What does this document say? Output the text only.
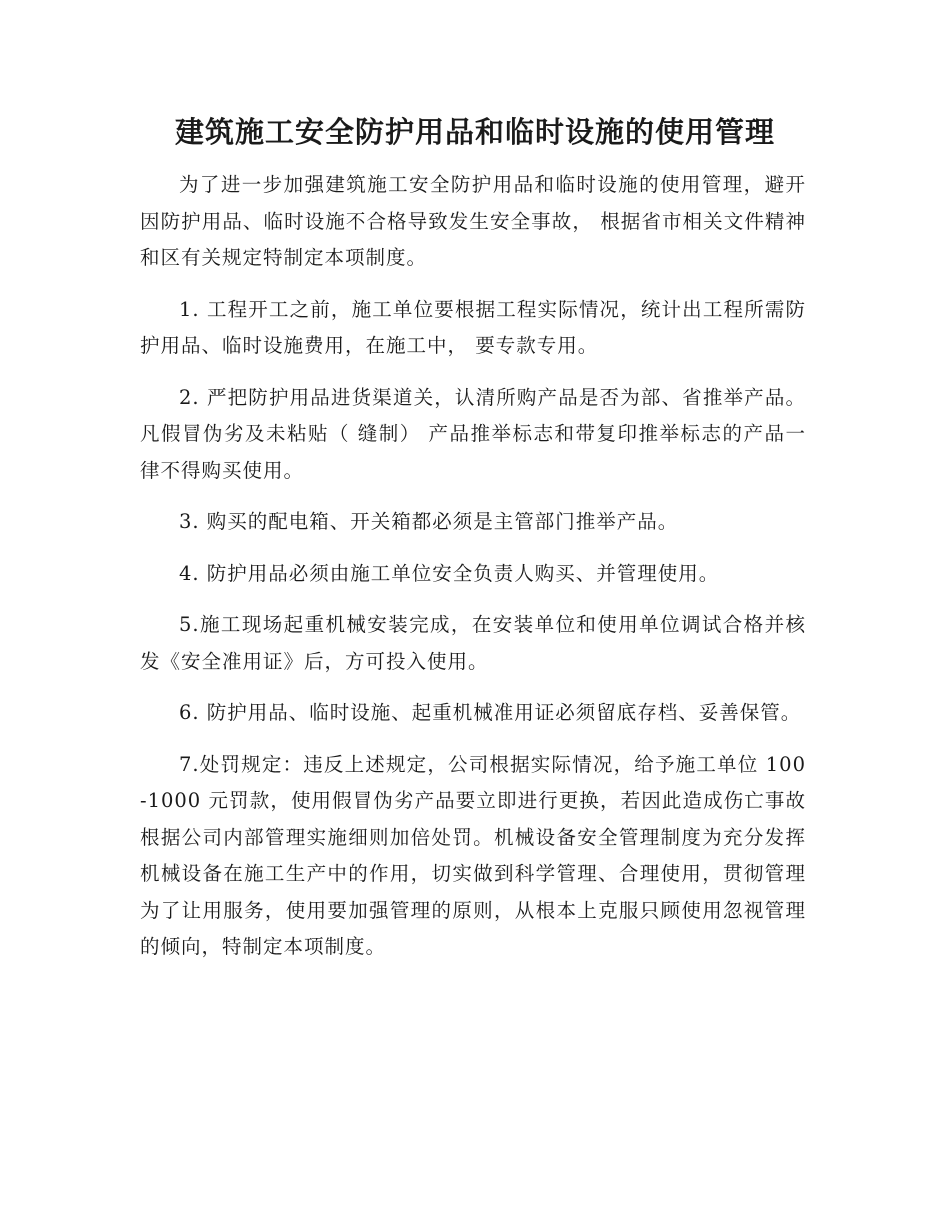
建筑施工安全防护用品和临时设施的使用管理

为了进一步加强建筑施工安全防护用品和临时设施的使用管理，避开因防护用品、临时设施不合格导致发生安全事故， 根据省市相关文件精神和区有关规定特制定本项制度。

1. 工程开工之前，施工单位要根据工程实际情况，统计出工程所需防护用品、临时设施费用，在施工中， 要专款专用。

2. 严把防护用品进货渠道关，认清所购产品是否为部、省推举产品。凡假冒伪劣及未粘贴（ 缝制） 产品推举标志和带复印推举标志的产品一律不得购买使用。

3. 购买的配电箱、开关箱都必须是主管部门推举产品。

4. 防护用品必须由施工单位安全负责人购买、并管理使用。

5.施工现场起重机械安装完成，在安装单位和使用单位调试合格并核发《安全准用证》后，方可投入使用。

6. 防护用品、临时设施、起重机械准用证必须留底存档、妥善保管。

7.处罚规定：违反上述规定，公司根据实际情况，给予施工单位 100-1000 元罚款，使用假冒伪劣产品要立即进行更换，若因此造成伤亡事故根据公司内部管理实施细则加倍处罚。机械设备安全管理制度为充分发挥机械设备在施工生产中的作用，切实做到科学管理、合理使用，贯彻管理为了让用服务，使用要加强管理的原则，从根本上克服只顾使用忽视管理的倾向，特制定本项制度。
